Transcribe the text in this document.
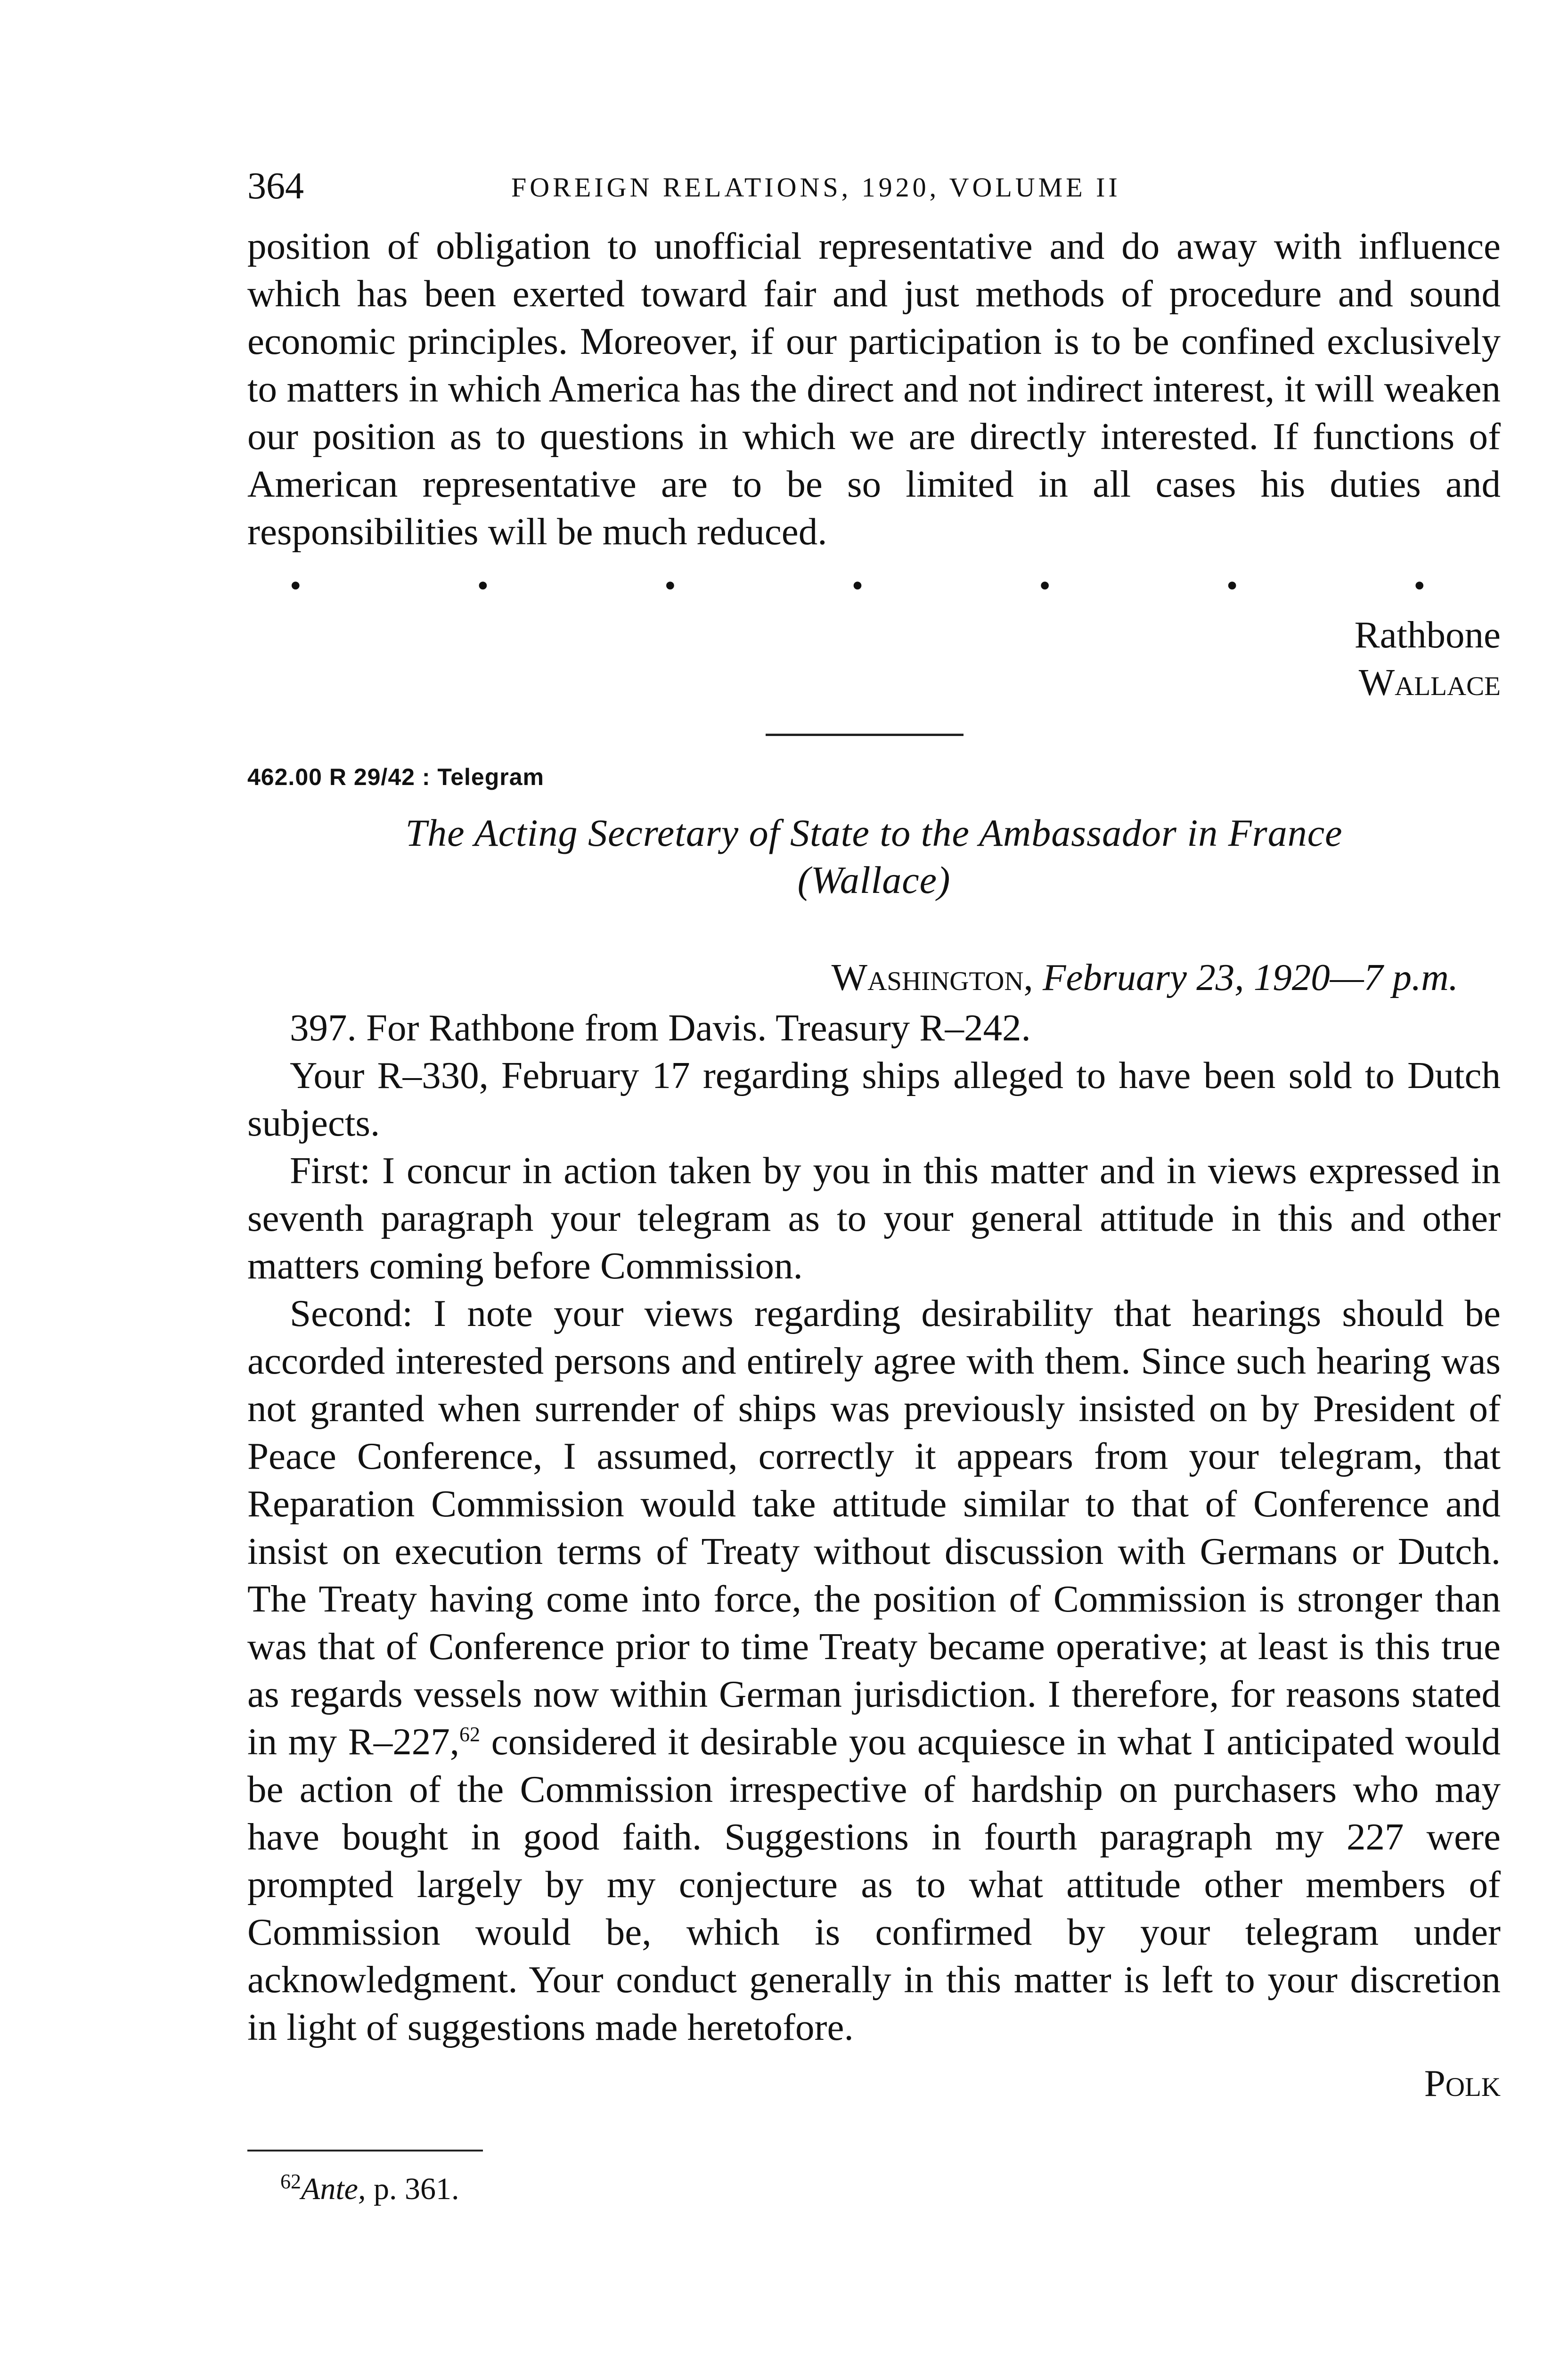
364	FOREIGN RELATIONS, 1920, VOLUME II

position of obligation to unofficial representative and do away with influence which has been exerted toward fair and just methods of procedure and sound economic principles. Moreover, if our participation is to be confined exclusively to matters in which America has the direct and not indirect interest, it will weaken our position as to questions in which we are directly interested. If functions of American representative are to be so limited in all cases his duties and responsibilities will be much reduced.

•	•	•	•	•	•	•
Rathbone
Wallace
462.00 R 29/42 : Telegram
The Acting Secretary of State to the Ambassador in France
(Wallace)
Washington, February 23, 1920—7 p.m.

397. For Rathbone from Davis. Treasury R–242.

Your R–330, February 17 regarding ships alleged to have been sold to Dutch subjects.

First: I concur in action taken by you in this matter and in views expressed in seventh paragraph your telegram as to your general attitude in this and other matters coming before Commission.

Second: I note your views regarding desirability that hearings should be accorded interested persons and entirely agree with them. Since such hearing was not granted when surrender of ships was previously insisted on by President of Peace Conference, I assumed, correctly it appears from your telegram, that Reparation Commission would take attitude similar to that of Conference and insist on execution terms of Treaty without discussion with Germans or Dutch. The Treaty having come into force, the position of Commission is stronger than was that of Conference prior to time Treaty became operative; at least is this true as regards vessels now within German jurisdiction. I therefore, for reasons stated in my R–227,62 considered it desirable you acquiesce in what I anticipated would be action of the Commission irrespective of hardship on purchasers who may have bought in good faith. Suggestions in fourth paragraph my 227 were prompted largely by my conjecture as to what attitude other members of Commission would be, which is confirmed by your telegram under acknowledgment. Your conduct generally in this matter is left to your discretion in light of suggestions made heretofore.

Polk
$^{62}$Ante, p. 361.
